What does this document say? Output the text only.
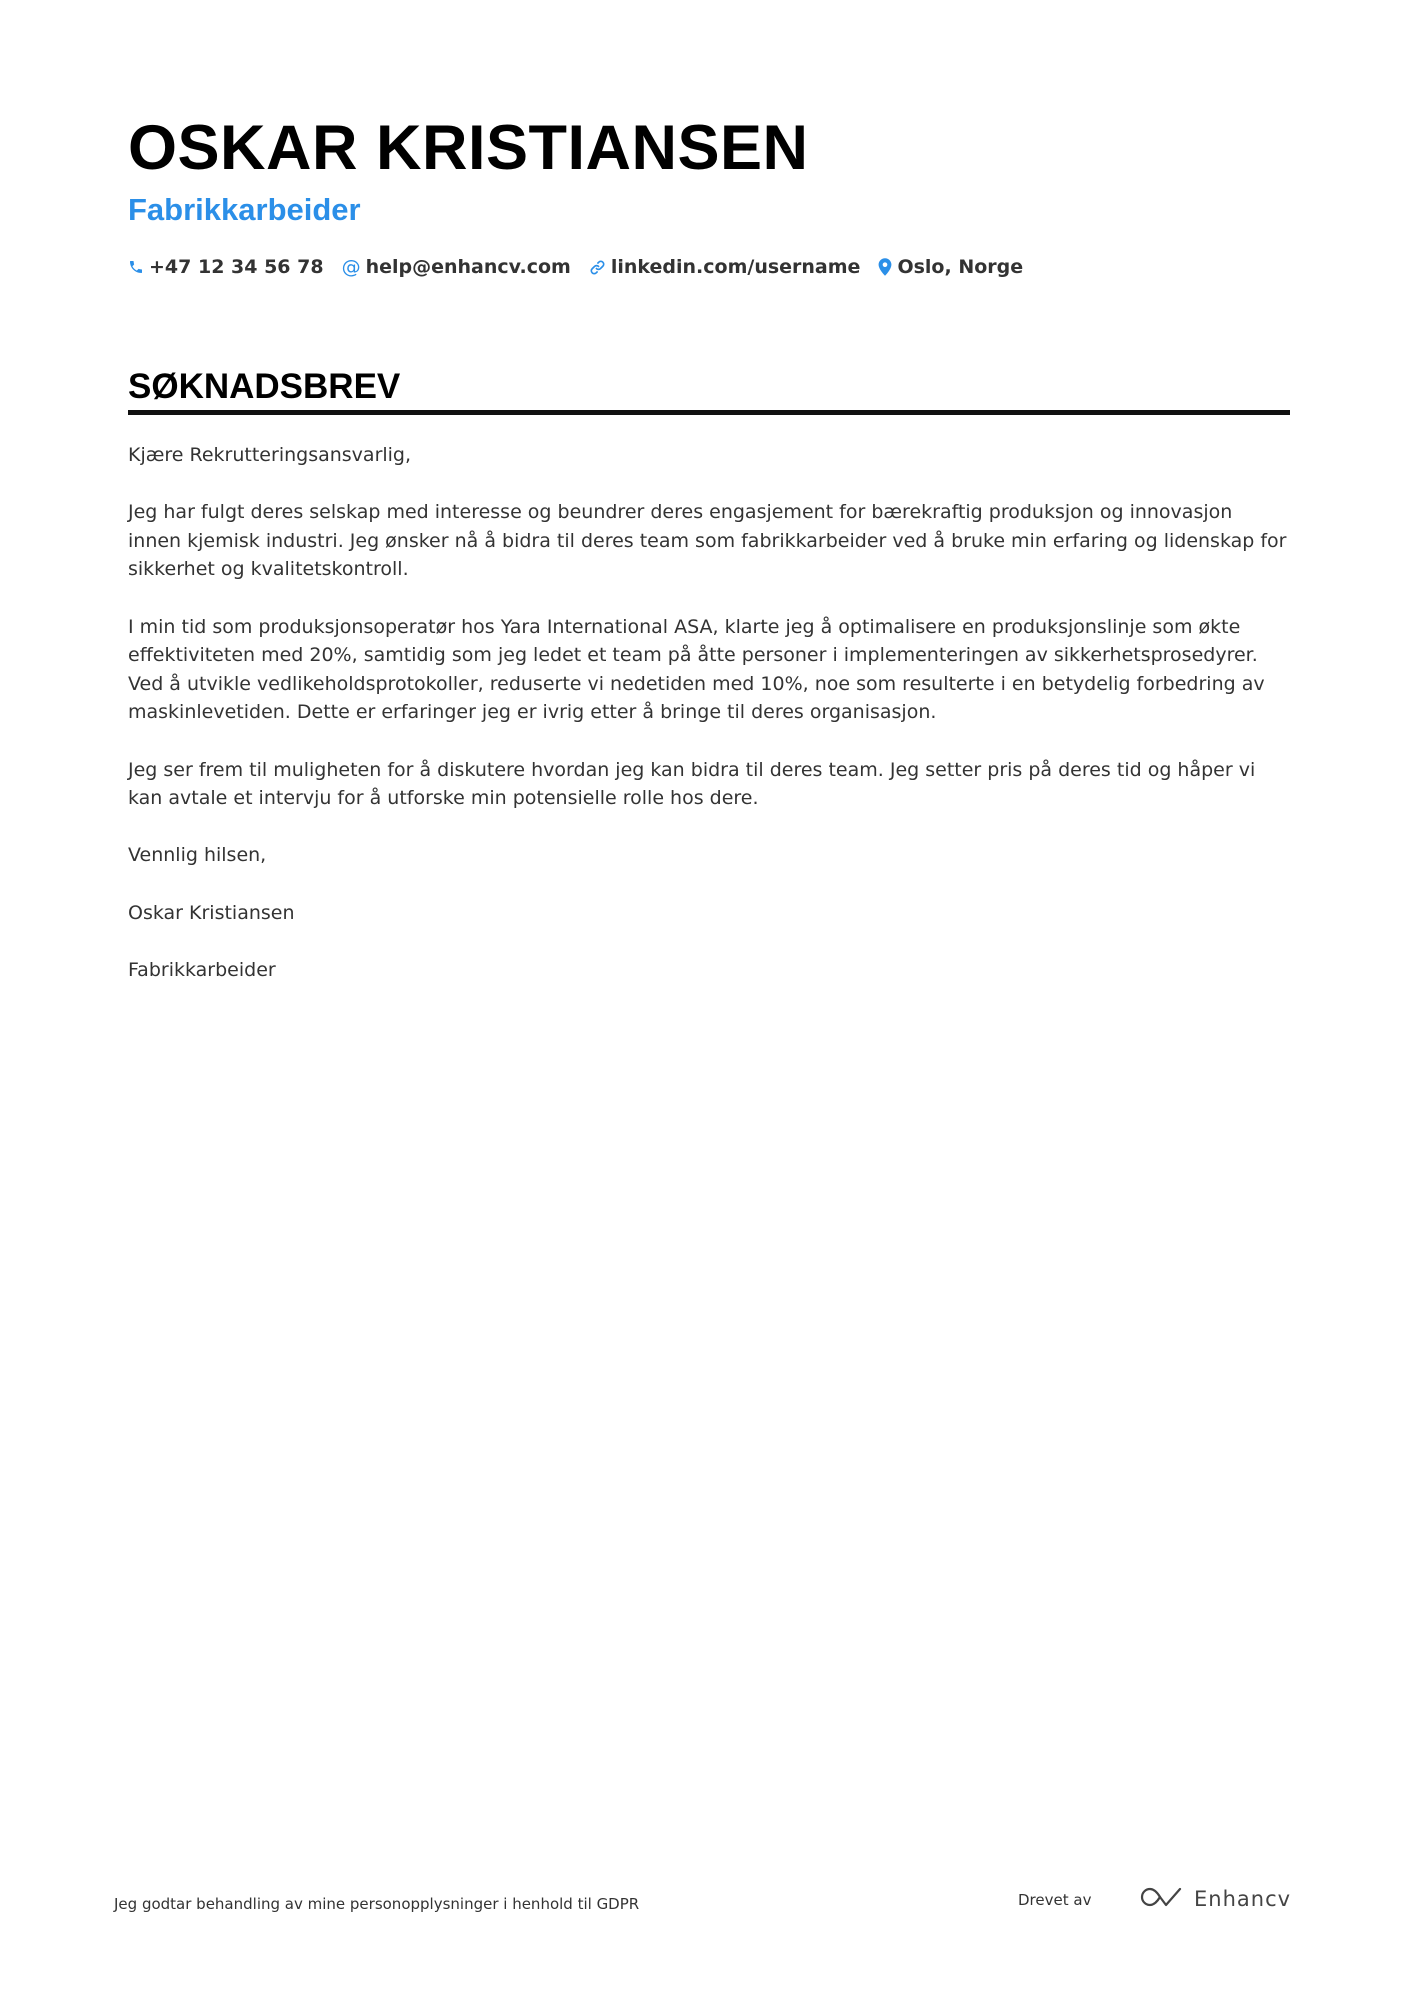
OSKAR KRISTIANSEN
Fabrikkarbeider
+47 12 34 56 78 @ help@enhancv.com linkedin.com/username Oslo, Norge
SØKNADSBREV

Kjære Rekrutteringsansvarlig,

Jeg har fulgt deres selskap med interesse og beundrer deres engasjement for bærekraftig produksjon og innovasjon innen kjemisk industri. Jeg ønsker nå å bidra til deres team som fabrikkarbeider ved å bruke min erfaring og lidenskap for sikkerhet og kvalitetskontroll.

I min tid som produksjonsoperatør hos Yara International ASA, klarte jeg å optimalisere en produksjonslinje som økte effektiviteten med 20%, samtidig som jeg ledet et team på åtte personer i implementeringen av sikkerhetsprosedyrer. Ved å utvikle vedlikeholdsprotokoller, reduserte vi nedetiden med 10%, noe som resulterte i en betydelig forbedring av maskinlevetiden. Dette er erfaringer jeg er ivrig etter å bringe til deres organisasjon.

Jeg ser frem til muligheten for å diskutere hvordan jeg kan bidra til deres team. Jeg setter pris på deres tid og håper vi kan avtale et intervju for å utforske min potensielle rolle hos dere.

Vennlig hilsen,

Oskar Kristiansen

Fabrikkarbeider

Jeg godtar behandling av mine personopplysninger i henhold til GDPR	Drevet av	Enhancv
